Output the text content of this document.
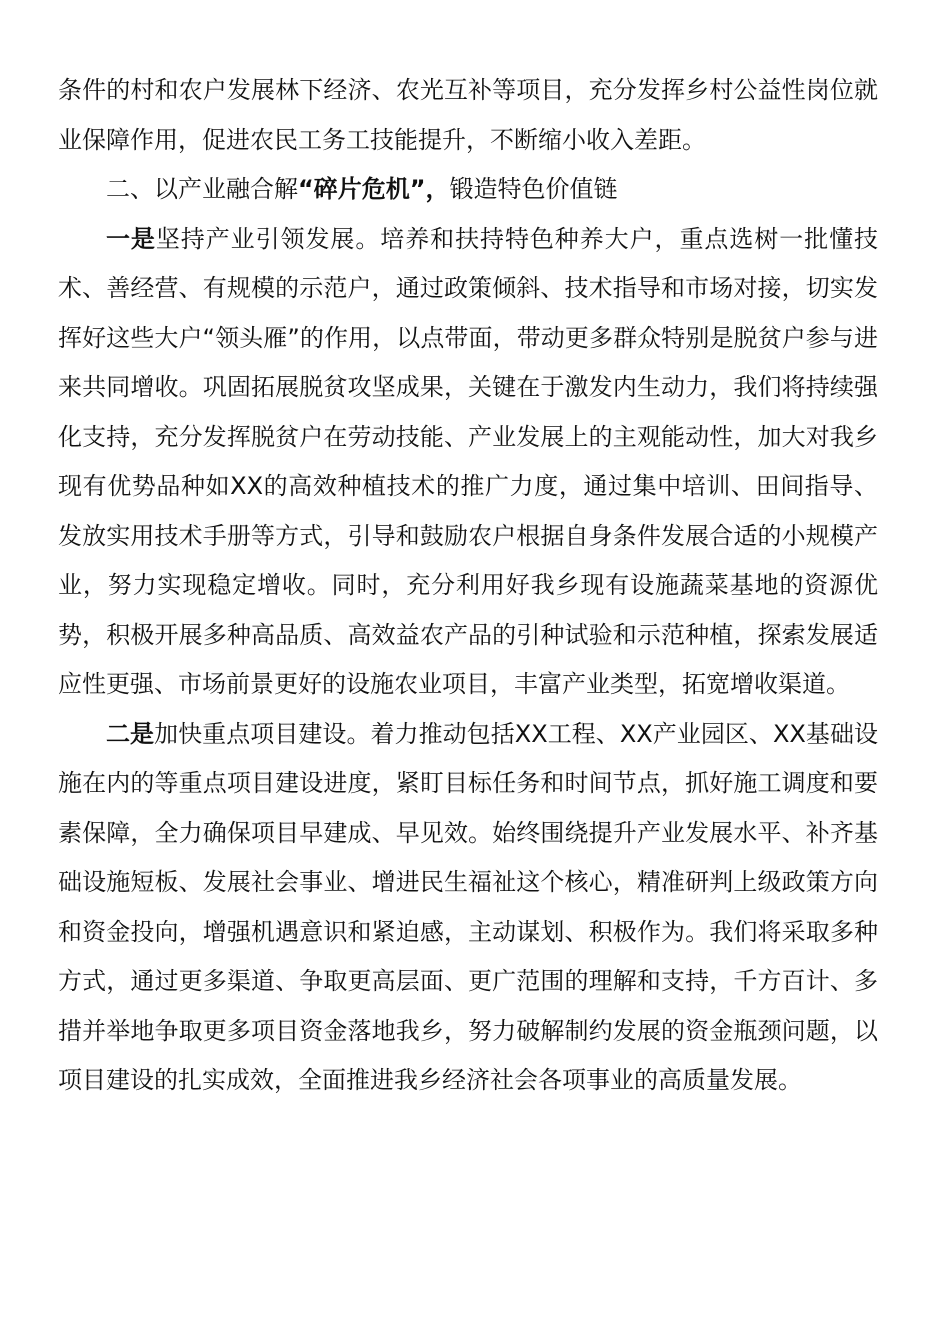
条件的村和农户发展林下经济、农光互补等项目，充分发挥乡村公益性岗位就业保障作用，促进农民工务工技能提升，不断缩小收入差距。

二、以产业融合解“碎片危机”，锻造特色价值链

一是坚持产业引领发展。培养和扶持特色种养大户，重点选树一批懂技术、善经营、有规模的示范户，通过政策倾斜、技术指导和市场对接，切实发挥好这些大户“领头雁”的作用，以点带面，带动更多群众特别是脱贫户参与进来共同增收。巩固拓展脱贫攻坚成果，关键在于激发内生动力，我们将持续强化支持，充分发挥脱贫户在劳动技能、产业发展上的主观能动性，加大对我乡现有优势品种如XX的高效种植技术的推广力度，通过集中培训、田间指导、发放实用技术手册等方式，引导和鼓励农户根据自身条件发展合适的小规模产业，努力实现稳定增收。同时，充分利用好我乡现有设施蔬菜基地的资源优势，积极开展多种高品质、高效益农产品的引种试验和示范种植，探索发展适应性更强、市场前景更好的设施农业项目，丰富产业类型，拓宽增收渠道。

二是加快重点项目建设。着力推动包括XX工程、XX产业园区、XX基础设施在内的等重点项目建设进度，紧盯目标任务和时间节点，抓好施工调度和要素保障，全力确保项目早建成、早见效。始终围绕提升产业发展水平、补齐基础设施短板、发展社会事业、增进民生福祉这个核心，精准研判上级政策方向和资金投向，增强机遇意识和紧迫感，主动谋划、积极作为。我们将采取多种方式，通过更多渠道、争取更高层面、更广范围的理解和支持，千方百计、多措并举地争取更多项目资金落地我乡，努力破解制约发展的资金瓶颈问题，以项目建设的扎实成效，全面推进我乡经济社会各项事业的高质量发展。
